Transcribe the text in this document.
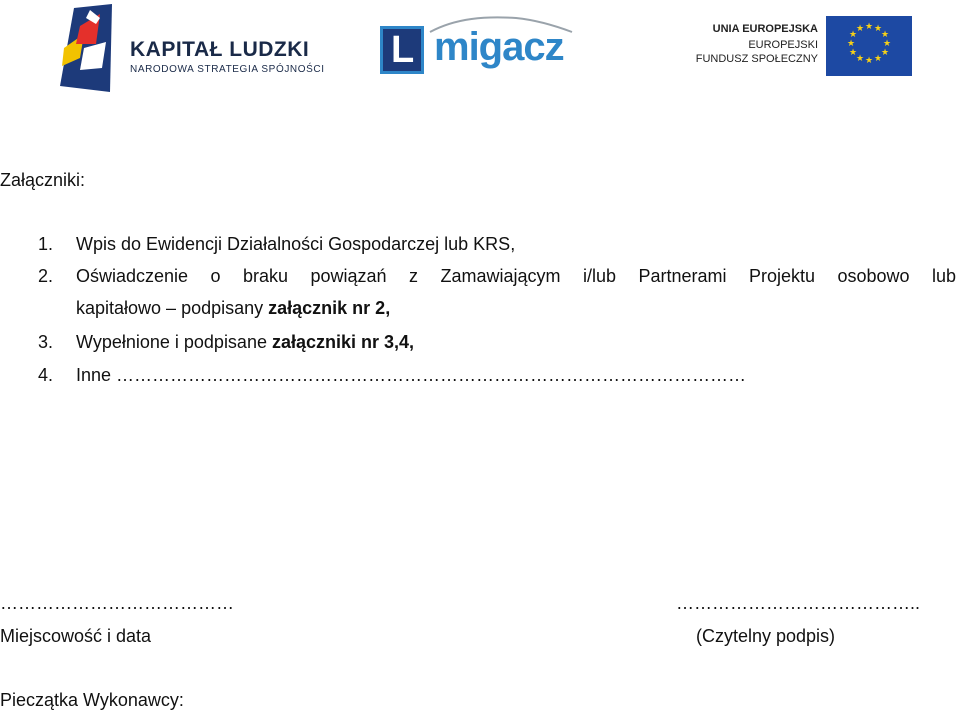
KAPITAŁ LUDZKI
NARODOWA STRATEGIA SPÓJNOŚCI L migacz	UNIA EUROPEJSKA
EUROPEJSKI
FUNDUSZ SPOŁECZNY
★ ★
★
★
★
★
★
★
★
★
★
★
Załączniki:
1. Wpis do Ewidencji Działalności Gospodarczej lub KRS,
2. Oświadczenie o braku powiązań z Zamawiającym i/lub Partnerami Projektu osobowo lub
kapitałowo – podpisany załącznik nr 2,
3. Wypełnione i podpisane załączniki nr 3,4,
4. Inne ……………………………………………………………………………………………
…………………………………
Miejscowość i data
…………………………………..
(Czytelny podpis)
Pieczątka Wykonawcy:
